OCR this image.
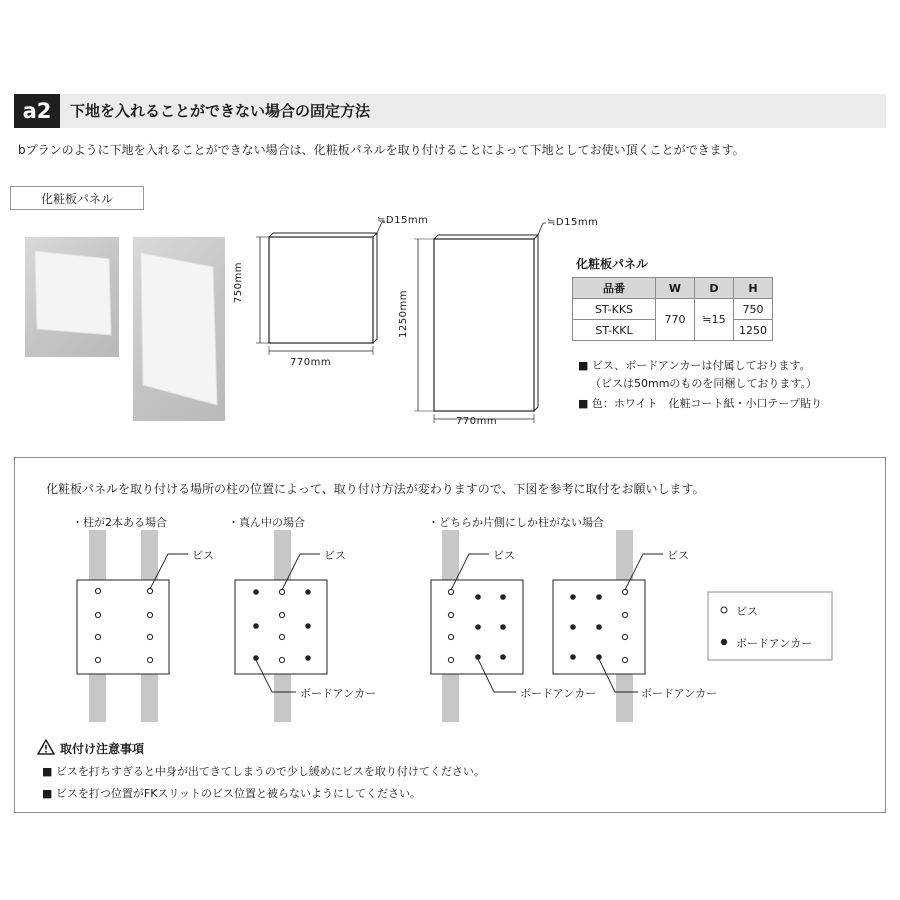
a2	下地を入れることができない場合の固定方法
bプランのように下地を入れることができない場合は、化粧板パネルを取り付けることによって下地としてお使い頂くことができます。
化粧板パネル
≒D15mm
750mm
770mm
≒D15mm
1250mm
770mm
化粧板パネル
品番	W	D	H
ST-KKS	770	≒15	750
ST-KKL			1250
■ ビス、ボードアンカーは付属しております。
（ビスは50mmのものを同梱しております。）
■ 色：ホワイト　化粧コート紙・小口テープ貼り
化粧板パネルを取り付ける場所の柱の位置によって、取り付け方法が変わりますので、下図を参考に取付をお願いします。
・柱が2本ある場合	・真ん中の場合	・どちらか片側にしか柱がない場合
ビス	ビス	ビス	ビス
ボードアンカー	ボードアンカー	ボードアンカー
ビス
ボードアンカー
取付け注意事項
■ ビスを打ちすぎると中身が出てきてしまうので少し緩めにビスを取り付けてください。
■ ビスを打つ位置がFKスリットのビス位置と被らないようにしてください。
